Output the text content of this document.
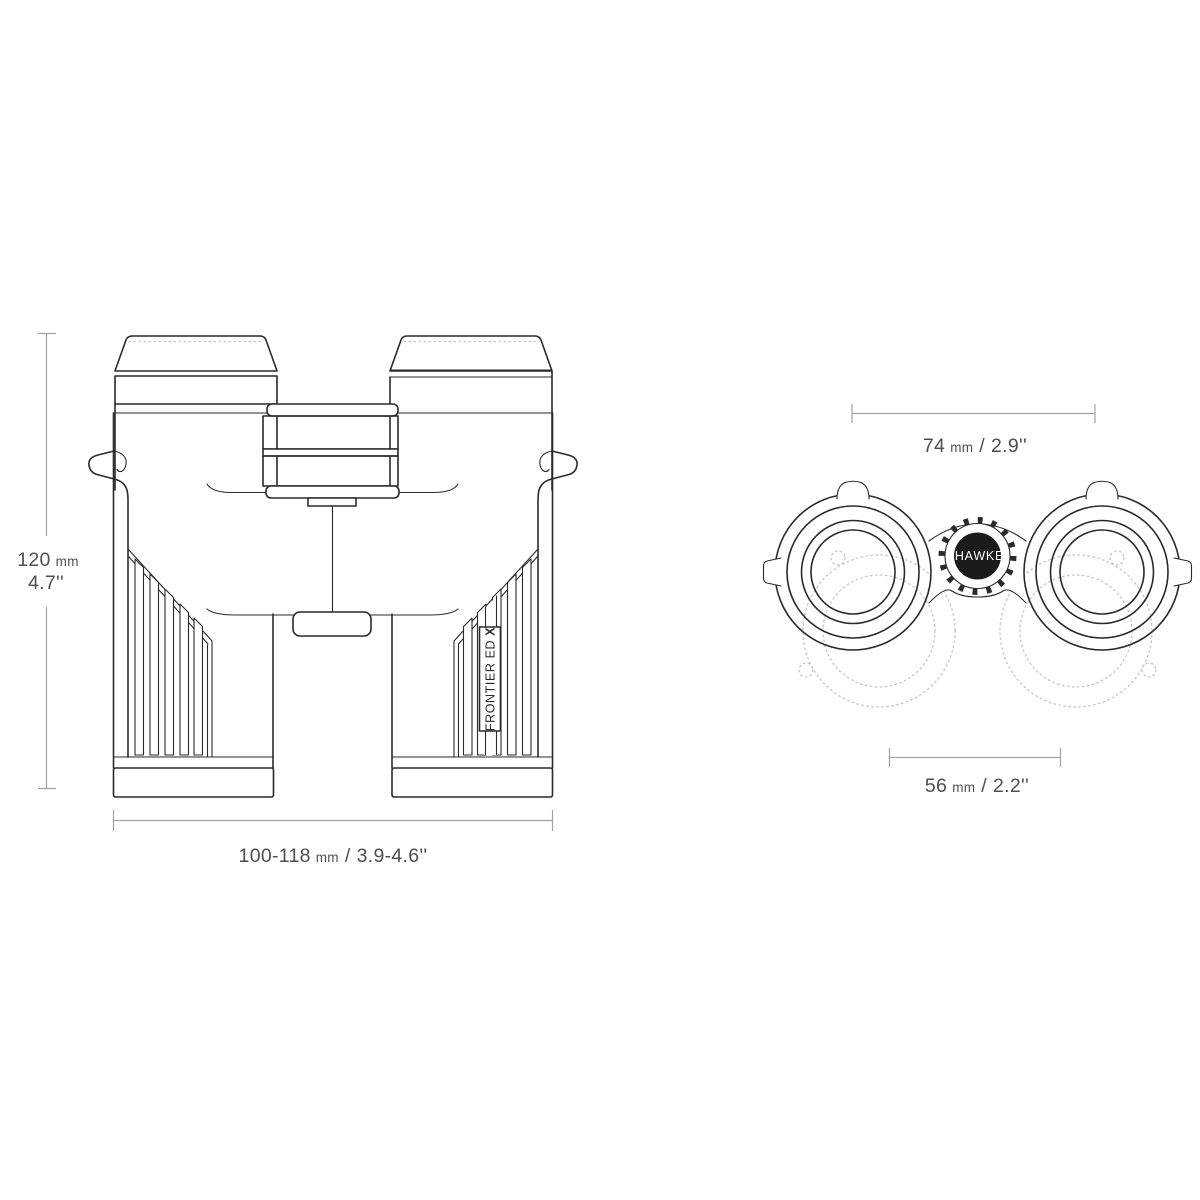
FRONTIER EDX
HAWKE
120 mm
4.7''
100-118 mm / 3.9-4.6''
74 mm / 2.9''
56 mm / 2.2''
